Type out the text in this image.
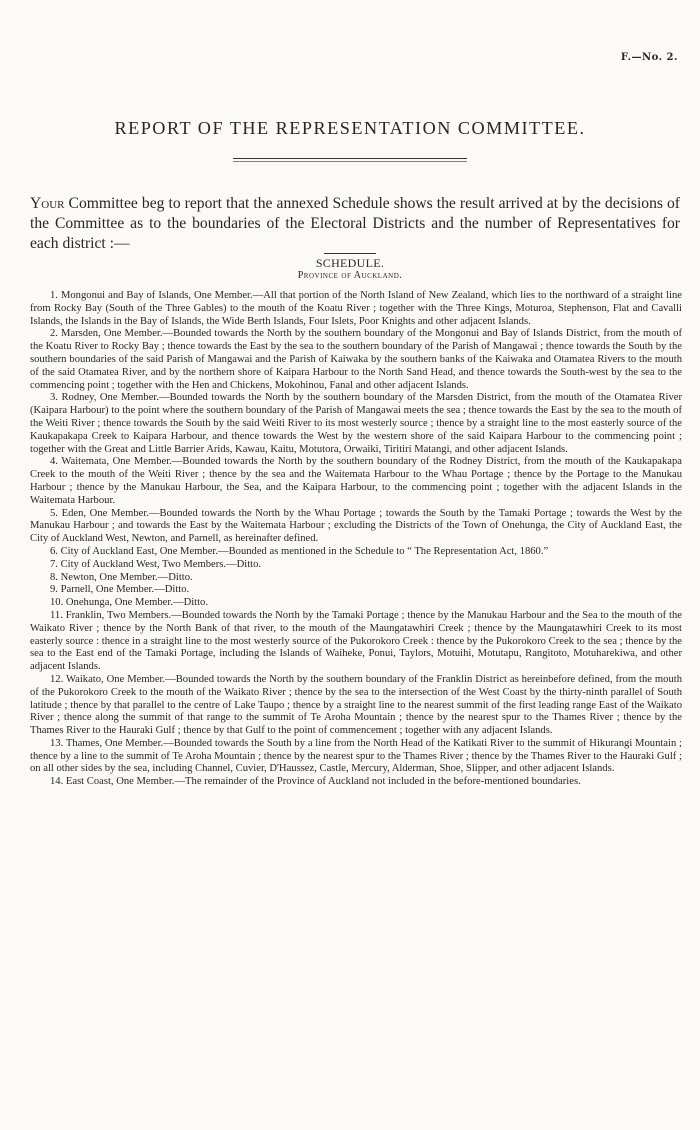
F.—No. 2.
REPORT OF THE REPRESENTATION COMMITTEE.
Your Committee beg to report that the annexed Schedule shows the result arrived at by the decisions of the Committee as to the boundaries of the Electoral Districts and the number of Representatives for each district :—
SCHEDULE.
Province of Auckland.

1. Mongonui and Bay of Islands, One Member.—All that portion of the North Island of New Zealand, which lies to the northward of a straight line from Rocky Bay (South of the Three Gables) to the mouth of the Koatu River ; together with the Three Kings, Moturoa, Stephenson, Flat and Cavalli Islands, the Islands in the Bay of Islands, the Wide Berth Islands, Four Islets, Poor Knights and other adjacent Islands.

2. Marsden, One Member.—Bounded towards the North by the southern boundary of the Mongonui and Bay of Islands District, from the mouth of the Koatu River to Rocky Bay ; thence towards the East by the sea to the southern boundary of the Parish of Mangawai ; thence towards the South by the southern boundaries of the said Parish of Mangawai and the Parish of Kaiwaka by the southern banks of the Kaiwaka and Otamatea Rivers to the mouth of the said Otamatea River, and by the northern shore of Kaipara Harbour to the North Sand Head, and thence towards the South-west by the sea to the commencing point ; together with the Hen and Chickens, Mokohinou, Fanal and other adjacent Islands.

3. Rodney, One Member.—Bounded towards the North by the southern boundary of the Marsden District, from the mouth of the Otamatea River (Kaipara Harbour) to the point where the southern boundary of the Parish of Mangawai meets the sea ; thence towards the East by the sea to the mouth of the Weiti River ; thence towards the South by the said Weiti River to its most westerly source ; thence by a straight line to the most easterly source of the Kaukapakapa Creek to Kaipara Harbour, and thence towards the West by the western shore of the said Kaipara Harbour to the commencing point ; together with the Great and Little Barrier Arids, Kawau, Kaitu, Motutora, Orwaiki, Tiritiri Matangi, and other adjacent Islands.

4. Waitemata, One Member.—Bounded towards the North by the southern boundary of the Rodney District, from the mouth of the Kaukapakapa Creek to the mouth of the Weiti River ; thence by the sea and the Waitemata Harbour to the Whau Portage ; thence by the Portage to the Manukau Harbour ; thence by the Manukau Harbour, the Sea, and the Kaipara Harbour, to the commencing point ; together with the adjacent Islands in the Waitemata Harbour.

5. Eden, One Member.—Bounded towards the North by the Whau Portage ; towards the South by the Tamaki Portage ; towards the West by the Manukau Harbour ; and towards the East by the Waitemata Harbour ; excluding the Districts of the Town of Onehunga, the City of Auckland East, the City of Auckland West, Newton, and Parnell, as hereinafter defined.

6. City of Auckland East, One Member.—Bounded as mentioned in the Schedule to “ The Representation Act, 1860.”

7. City of Auckland West, Two Members.—Ditto.

8. Newton, One Member.—Ditto.

9. Parnell, One Member.—Ditto.

10. Onehunga, One Member.—Ditto.

11. Franklin, Two Members.—Bounded towards the North by the Tamaki Portage ; thence by the Manukau Harbour and the Sea to the mouth of the Waikato River ; thence by the North Bank of that river, to the mouth of the Maungatawhiri Creek ; thence by the Maungatawhiri Creek to its most easterly source : thence in a straight line to the most westerly source of the Pukorokoro Creek : thence by the Pukorokoro Creek to the sea ; thence by the sea to the East end of the Tamaki Portage, including the Islands of Waiheke, Ponui, Taylors, Motuihi, Motutapu, Rangitoto, Motuharekiwa, and other adjacent Islands.

12. Waikato, One Member.—Bounded towards the North by the southern boundary of the Franklin District as hereinbefore defined, from the mouth of the Pukorokoro Creek to the mouth of the Waikato River ; thence by the sea to the intersection of the West Coast by the thirty-ninth parallel of South latitude ; thence by that parallel to the centre of Lake Taupo ; thence by a straight line to the nearest summit of the first leading range East of the Waikato River ; thence along the summit of that range to the summit of Te Aroha Mountain ; thence by the nearest spur to the Thames River ; thence by the Thames River to the Hauraki Gulf ; thence by that Gulf to the point of commencement ; together with any adjacent Islands.

13. Thames, One Member.—Bounded towards the South by a line from the North Head of the Katikati River to the summit of Hikurangi Mountain ; thence by a line to the summit of Te Aroha Mountain ; thence by the nearest spur to the Thames River ; thence by the Thames River to the Hauraki Gulf ; on all other sides by the sea, including Channel, Cuvier, D'Haussez, Castle, Mercury, Alderman, Shoe, Slipper, and other adjacent Islands.

14. East Coast, One Member.—The remainder of the Province of Auckland not included in the before-mentioned boundaries.
